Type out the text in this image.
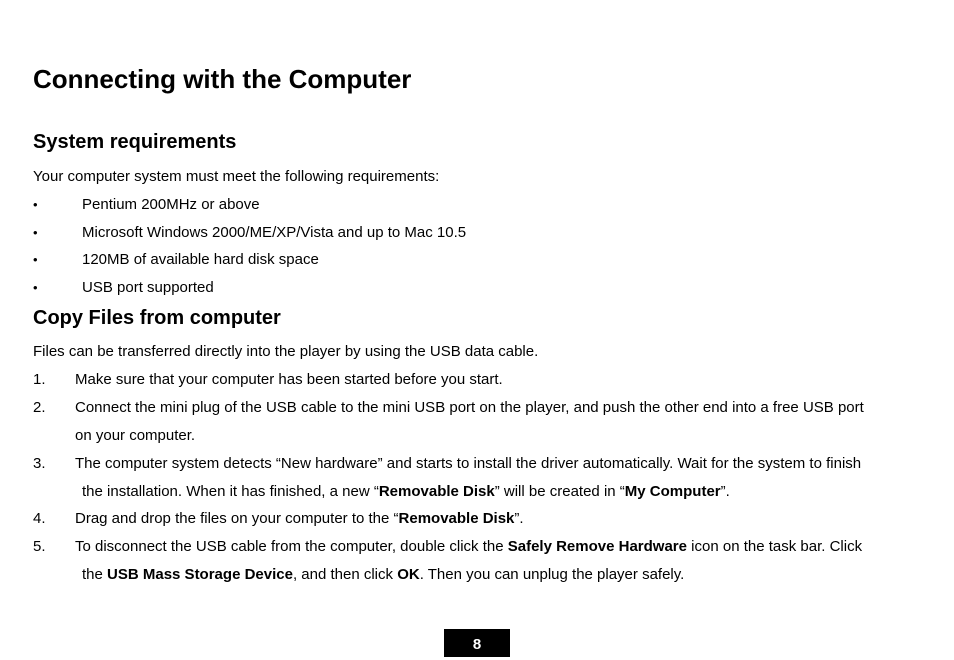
Connecting with the Computer
System requirements
Your computer system must meet the following requirements:
•	Pentium 200MHz or above
•	Microsoft Windows 2000/ME/XP/Vista and up to Mac 10.5
•	120MB of available hard disk space
•	USB port supported
Copy Files from computer
Files can be transferred directly into the player by using the USB data cable.
1. Make sure that your computer has been started before you start.
2. Connect the mini plug of the USB cable to the mini USB port on the player, and push the other end into a free USB port
on your computer.
3. The computer system detects “New hardware” and starts to install the driver automatically. Wait for the system to finish
the installation. When it has finished, a new “Removable Disk” will be created in “My Computer”.
4. Drag and drop the files on your computer to the “Removable Disk”.
5. To disconnect the USB cable from the computer, double click the Safely Remove Hardware icon on the task bar. Click
the USB Mass Storage Device, and then click OK. Then you can unplug the player safely.
8
